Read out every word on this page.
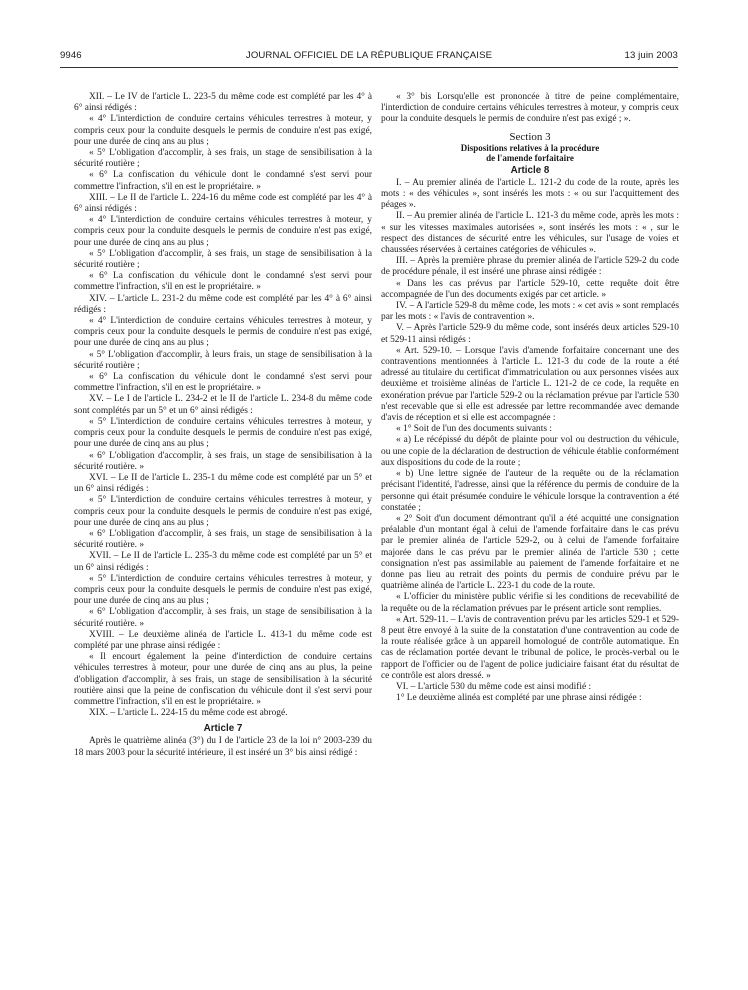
9946	JOURNAL OFFICIEL DE LA RÉPUBLIQUE FRANÇAISE	13 juin 2003

XII. – Le IV de l'article L. 223-5 du même code est complété par les 4° à 6° ainsi rédigés :

« 4° L'interdiction de conduire certains véhicules terrestres à moteur, y compris ceux pour la conduite desquels le permis de conduire n'est pas exigé, pour une durée de cinq ans au plus ;

« 5° L'obligation d'accomplir, à ses frais, un stage de sensibilisation à la sécurité routière ;

« 6° La confiscation du véhicule dont le condamné s'est servi pour commettre l'infraction, s'il en est le propriétaire. »

XIII. – Le II de l'article L. 224-16 du même code est complété par les 4° à 6° ainsi rédigés :

« 4° L'interdiction de conduire certains véhicules terrestres à moteur, y compris ceux pour la conduite desquels le permis de conduire n'est pas exigé, pour une durée de cinq ans au plus ;

« 5° L'obligation d'accomplir, à ses frais, un stage de sensibilisation à la sécurité routière ;

« 6° La confiscation du véhicule dont le condamné s'est servi pour commettre l'infraction, s'il en est le propriétaire. »

XIV. – L'article L. 231-2 du même code est complété par les 4° à 6° ainsi rédigés :

« 4° L'interdiction de conduire certains véhicules terrestres à moteur, y compris ceux pour la conduite desquels le permis de conduire n'est pas exigé, pour une durée de cinq ans au plus ;

« 5° L'obligation d'accomplir, à leurs frais, un stage de sensibilisation à la sécurité routière ;

« 6° La confiscation du véhicule dont le condamné s'est servi pour commettre l'infraction, s'il en est le propriétaire. »

XV. – Le I de l'article L. 234-2 et le II de l'article L. 234-8 du même code sont complétés par un 5° et un 6° ainsi rédigés :

« 5° L'interdiction de conduire certains véhicules terrestres à moteur, y compris ceux pour la conduite desquels le permis de conduire n'est pas exigé, pour une durée de cinq ans au plus ;

« 6° L'obligation d'accomplir, à ses frais, un stage de sensibilisation à la sécurité routière. »

XVI. – Le II de l'article L. 235-1 du même code est complété par un 5° et un 6° ainsi rédigés :

« 5° L'interdiction de conduire certains véhicules terrestres à moteur, y compris ceux pour la conduite desquels le permis de conduire n'est pas exigé, pour une durée de cinq ans au plus ;

« 6° L'obligation d'accomplir, à ses frais, un stage de sensibilisation à la sécurité routière. »

XVII. – Le II de l'article L. 235-3 du même code est complété par un 5° et un 6° ainsi rédigés :

« 5° L'interdiction de conduire certains véhicules terrestres à moteur, y compris ceux pour la conduite desquels le permis de conduire n'est pas exigé, pour une durée de cinq ans au plus ;

« 6° L'obligation d'accomplir, à ses frais, un stage de sensibilisation à la sécurité routière. »

XVIII. – Le deuxième alinéa de l'article L. 413-1 du même code est complété par une phrase ainsi rédigée :

« Il encourt également la peine d'interdiction de conduire certains véhicules terrestres à moteur, pour une durée de cinq ans au plus, la peine d'obligation d'accomplir, à ses frais, un stage de sensibilisation à la sécurité routière ainsi que la peine de confiscation du véhicule dont il s'est servi pour commettre l'infraction, s'il en est le propriétaire. »

XIX. – L'article L. 224-15 du même code est abrogé.

Article 7

Après le quatrième alinéa (3°) du I de l'article 23 de la loi n° 2003-239 du 18 mars 2003 pour la sécurité intérieure, il est inséré un 3° bis ainsi rédigé :

« 3° bis Lorsqu'elle est prononcée à titre de peine complémentaire, l'interdiction de conduire certains véhicules terrestres à moteur, y compris ceux pour la conduite desquels le permis de conduire n'est pas exigé ; ».

Section 3
Dispositions relatives à la procédure
de l'amende forfaitaire
Article 8

I. – Au premier alinéa de l'article L. 121-2 du code de la route, après les mots : « des véhicules », sont insérés les mots : « ou sur l'acquittement des péages ».

II. – Au premier alinéa de l'article L. 121-3 du même code, après les mots : « sur les vitesses maximales autorisées », sont insérés les mots : « , sur le respect des distances de sécurité entre les véhicules, sur l'usage de voies et chaussées réservées à certaines catégories de véhicules ».

III. – Après la première phrase du premier alinéa de l'article 529-2 du code de procédure pénale, il est inséré une phrase ainsi rédigée :

« Dans les cas prévus par l'article 529-10, cette requête doit être accompagnée de l'un des documents exigés par cet article. »

IV. – A l'article 529-8 du même code, les mots : « cet avis » sont remplacés par les mots : « l'avis de contravention ».

V. – Après l'article 529-9 du même code, sont insérés deux articles 529-10 et 529-11 ainsi rédigés :

« Art. 529-10. – Lorsque l'avis d'amende forfaitaire concernant une des contraventions mentionnées à l'article L. 121-3 du code de la route a été adressé au titulaire du certificat d'immatriculation ou aux personnes visées aux deuxième et troisième alinéas de l'article L. 121-2 de ce code, la requête en exonération prévue par l'article 529-2 ou la réclamation prévue par l'article 530 n'est recevable que si elle est adressée par lettre recommandée avec demande d'avis de réception et si elle est accompagnée :

« 1° Soit de l'un des documents suivants :

« a) Le récépissé du dépôt de plainte pour vol ou destruction du véhicule, ou une copie de la déclaration de destruction de véhicule établie conformément aux dispositions du code de la route ;

« b) Une lettre signée de l'auteur de la requête ou de la réclamation précisant l'identité, l'adresse, ainsi que la référence du permis de conduire de la personne qui était présumée conduire le véhicule lorsque la contravention a été constatée ;

« 2° Soit d'un document démontrant qu'il a été acquitté une consignation préalable d'un montant égal à celui de l'amende forfaitaire dans le cas prévu par le premier alinéa de l'article 529-2, ou à celui de l'amende forfaitaire majorée dans le cas prévu par le premier alinéa de l'article 530 ; cette consignation n'est pas assimilable au paiement de l'amende forfaitaire et ne donne pas lieu au retrait des points du permis de conduire prévu par le quatrième alinéa de l'article L. 223-1 du code de la route.

« L'officier du ministère public vérifie si les conditions de recevabilité de la requête ou de la réclamation prévues par le présent article sont remplies.

« Art. 529-11. – L'avis de contravention prévu par les articles 529-1 et 529-8 peut être envoyé à la suite de la constatation d'une contravention au code de la route réalisée grâce à un appareil homologué de contrôle automatique. En cas de réclamation portée devant le tribunal de police, le procès-verbal ou le rapport de l'officier ou de l'agent de police judiciaire faisant état du résultat de ce contrôle est alors dressé. »

VI. – L'article 530 du même code est ainsi modifié :

1° Le deuxième alinéa est complété par une phrase ainsi rédigée :
